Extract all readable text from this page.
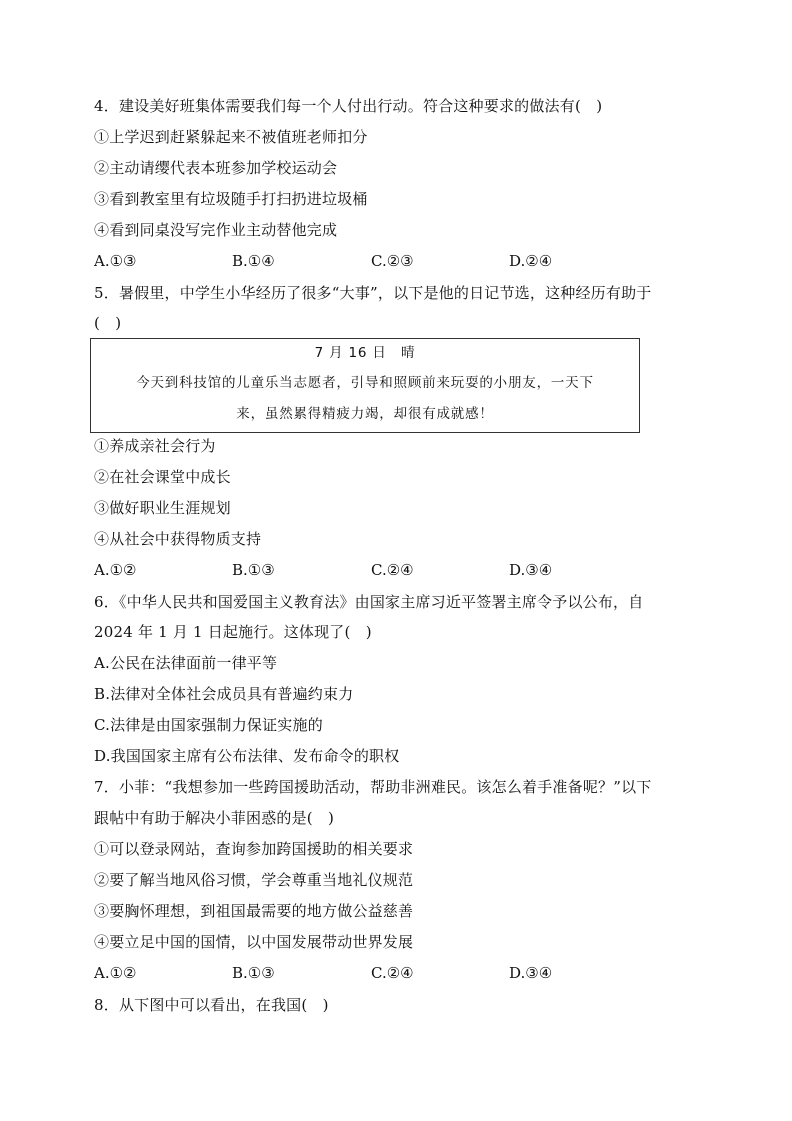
4．建设美好班集体需要我们每一个人付出行动。符合这种要求的做法有(　)
①上学迟到赶紧躲起来不被值班老师扣分
②主动请缨代表本班参加学校运动会
③看到教室里有垃圾随手打扫扔进垃圾桶
④看到同桌没写完作业主动替他完成
A.①③	B.①④	C.②③	D.②④
5．暑假里，中学生小华经历了很多“大事”，以下是他的日记节选，这种经历有助于
(　)
7 月 16 日　晴
今天到科技馆的儿童乐当志愿者，引导和照顾前来玩耍的小朋友，一天下
来，虽然累得精疲力竭，却很有成就感！
①养成亲社会行为
②在社会课堂中成长
③做好职业生涯规划
④从社会中获得物质支持
A.①②	B.①③	C.②④	D.③④
6．《中华人民共和国爱国主义教育法》由国家主席习近平签署主席令予以公布，自
2024 年 1 月 1 日起施行。这体现了(　)
A.公民在法律面前一律平等
B.法律对全体社会成员具有普遍约束力
C.法律是由国家强制力保证实施的
D.我国国家主席有公布法律、发布命令的职权
7．小菲：“我想参加一些跨国援助活动，帮助非洲难民。该怎么着手准备呢？”以下
跟帖中有助于解决小菲困惑的是(　)
①可以登录网站，查询参加跨国援助的相关要求
②要了解当地风俗习惯，学会尊重当地礼仪规范
③要胸怀理想，到祖国最需要的地方做公益慈善
④要立足中国的国情，以中国发展带动世界发展
A.①②	B.①③	C.②④	D.③④
8．从下图中可以看出，在我国(　)
